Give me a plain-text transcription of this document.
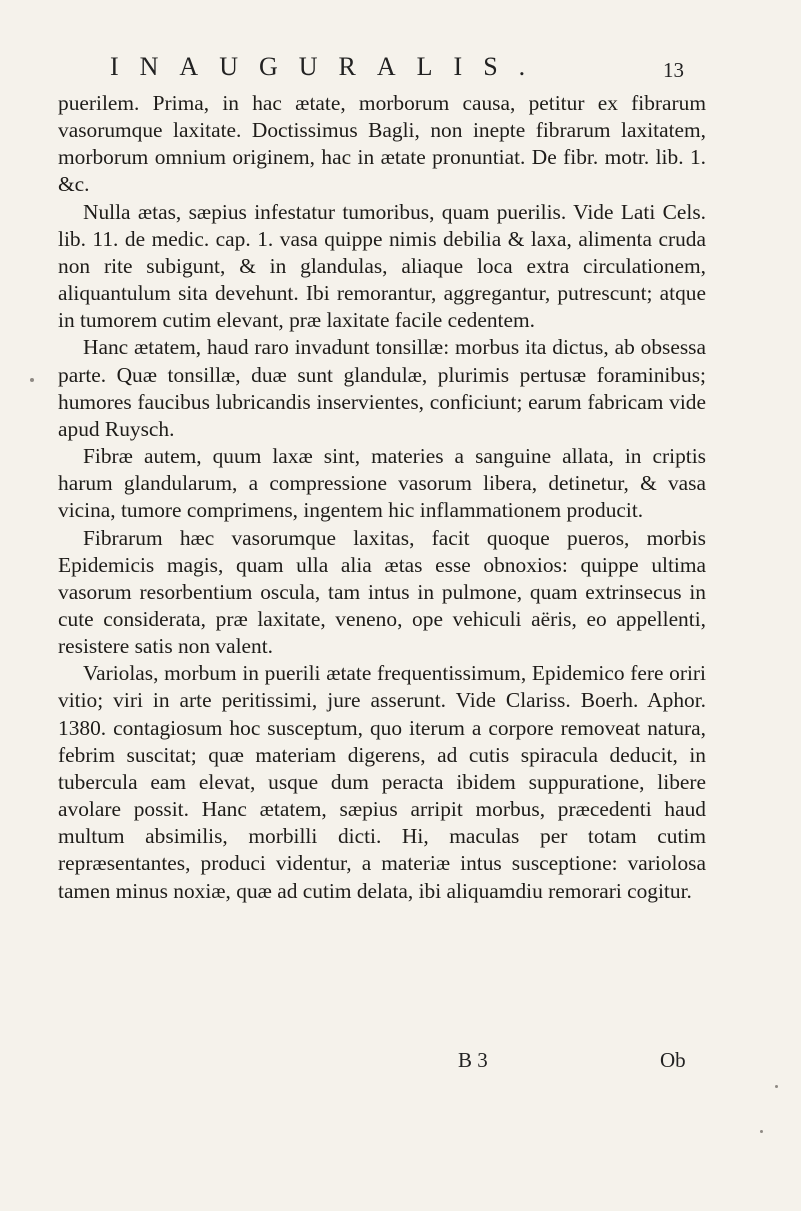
INAUGURALIS.	13

puerilem. Prima, in hac ætate, morborum causa, petitur ex fibrarum vasorumque laxitate. Doctissimus Bagli, non inepte fibrarum laxitatem, morborum omnium originem, hac in ætate pronuntiat. De fibr. motr. lib. 1. &c.

Nulla ætas, sæpius infestatur tumoribus, quam puerilis. Vide Lati Cels. lib. 11. de medic. cap. 1. vasa quippe nimis debilia & laxa, alimenta cruda non rite subigunt, & in glandulas, aliaque loca extra circulationem, aliquantulum sita devehunt. Ibi remorantur, aggregantur, putrescunt; atque in tumorem cutim elevant, præ laxitate facile cedentem.

Hanc ætatem, haud raro invadunt tonsillæ: morbus ita dictus, ab obsessa parte. Quæ tonsillæ, duæ sunt glandulæ, plurimis pertusæ foraminibus; humores faucibus lubricandis inservientes, conficiunt; earum fabricam vide apud Ruysch.

Fibræ autem, quum laxæ sint, materies a sanguine allata, in criptis harum glandularum, a compressione vasorum libera, detinetur, & vasa vicina, tumore comprimens, ingentem hic inflammationem producit.

Fibrarum hæc vasorumque laxitas, facit quoque pueros, morbis Epidemicis magis, quam ulla alia ætas esse obnoxios: quippe ultima vasorum resorbentium oscula, tam intus in pulmone, quam extrinsecus in cute considerata, præ laxitate, veneno, ope vehiculi aëris, eo appellenti, resistere satis non valent.

Variolas, morbum in puerili ætate frequentissimum, Epidemico fere oriri vitio; viri in arte peritissimi, jure asserunt. Vide Clariss. Boerh. Aphor. 1380. contagiosum hoc susceptum, quo iterum a corpore removeat natura, febrim suscitat; quæ materiam digerens, ad cutis spiracula deducit, in tubercula eam elevat, usque dum peracta ibidem suppuratione, libere avolare possit. Hanc ætatem, sæpius arripit morbus, præcedenti haud multum absimilis, morbilli dicti. Hi, maculas per totam cutim repræsentantes, produci videntur, a materiæ intus susceptione: variolosa tamen minus noxiæ, quæ ad cutim delata, ibi aliquamdiu remorari cogitur.

B 3	Ob
